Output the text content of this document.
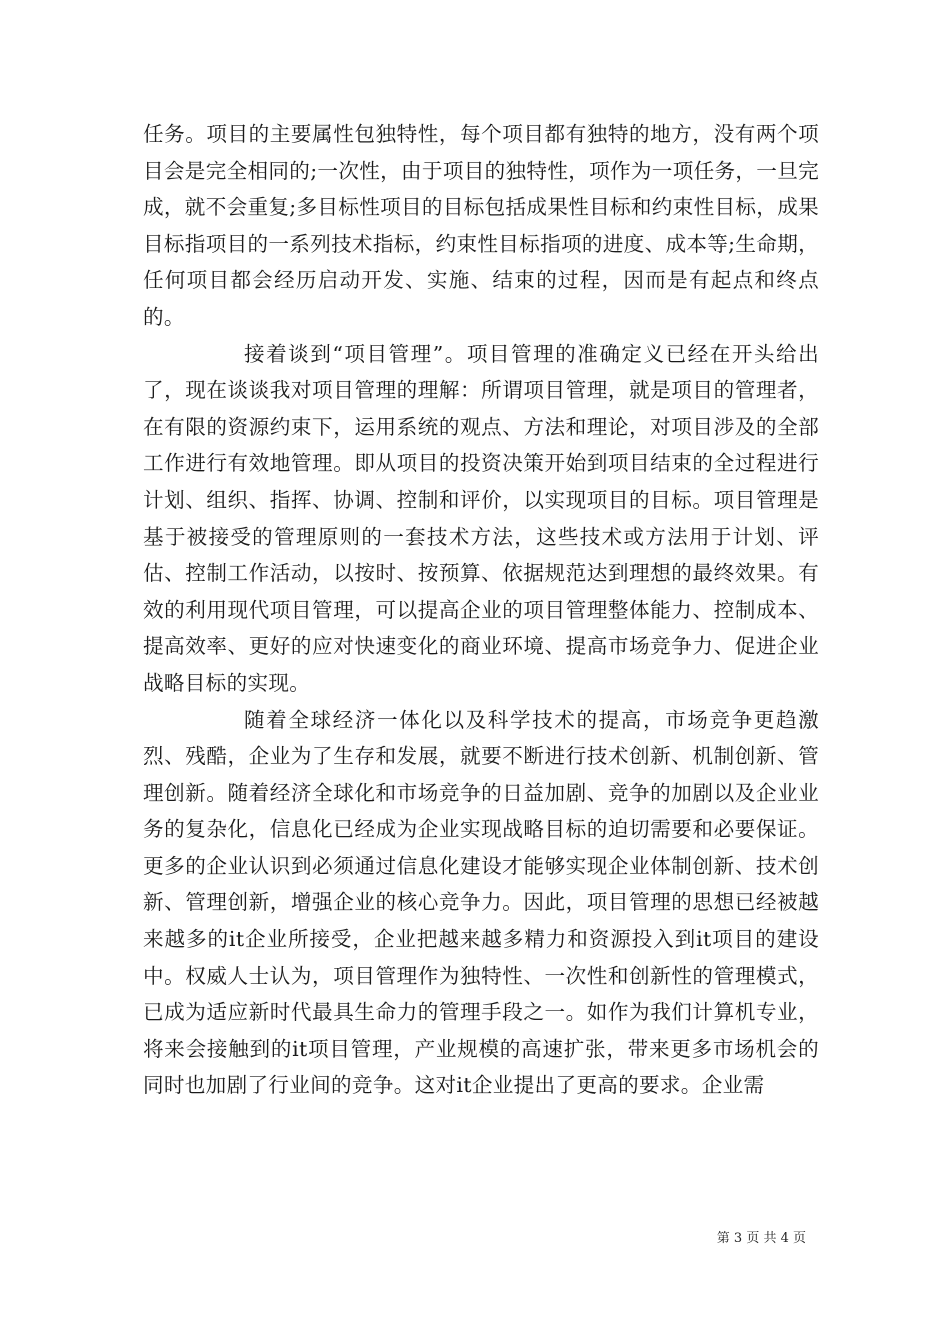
任务。项目的主要属性包独特性，每个项目都有独特的地方，没有两个项目会是完全相同的;一次性，由于项目的独特性，项作为一项任务，一旦完成，就不会重复;多目标性项目的目标包括成果性目标和约束性目标，成果目标指项目的一系列技术指标，约束性目标指项的进度、成本等;生命期，任何项目都会经历启动开发、实施、结束的过程，因而是有起点和终点的。

接着谈到“项目管理”。项目管理的准确定义已经在开头给出了，现在谈谈我对项目管理的理解：所谓项目管理，就是项目的管理者，在有限的资源约束下，运用系统的观点、方法和理论，对项目涉及的全部工作进行有效地管理。即从项目的投资决策开始到项目结束的全过程进行计划、组织、指挥、协调、控制和评价，以实现项目的目标。项目管理是基于被接受的管理原则的一套技术方法，这些技术或方法用于计划、评估、控制工作活动，以按时、按预算、依据规范达到理想的最终效果。有效的利用现代项目管理，可以提高企业的项目管理整体能力、控制成本、提高效率、更好的应对快速变化的商业环境、提高市场竞争力、促进企业战略目标的实现。

随着全球经济一体化以及科学技术的提高，市场竞争更趋激烈、残酷，企业为了生存和发展，就要不断进行技术创新、机制创新、管理创新。随着经济全球化和市场竞争的日益加剧、竞争的加剧以及企业业务的复杂化，信息化已经成为企业实现战略目标的迫切需要和必要保证。更多的企业认识到必须通过信息化建设才能够实现企业体制创新、技术创新、管理创新，增强企业的核心竞争力。因此，项目管理的思想已经被越来越多的it企业所接受，企业把越来越多精力和资源投入到it项目的建设中。权威人士认为，项目管理作为独特性、一次性和创新性的管理模式，已成为适应新时代最具生命力的管理手段之一。如作为我们计算机专业，将来会接触到的it项目管理，产业规模的高速扩张，带来更多市场机会的同时也加剧了行业间的竞争。这对it企业提出了更高的要求。企业需

第 3 页 共 4 页
